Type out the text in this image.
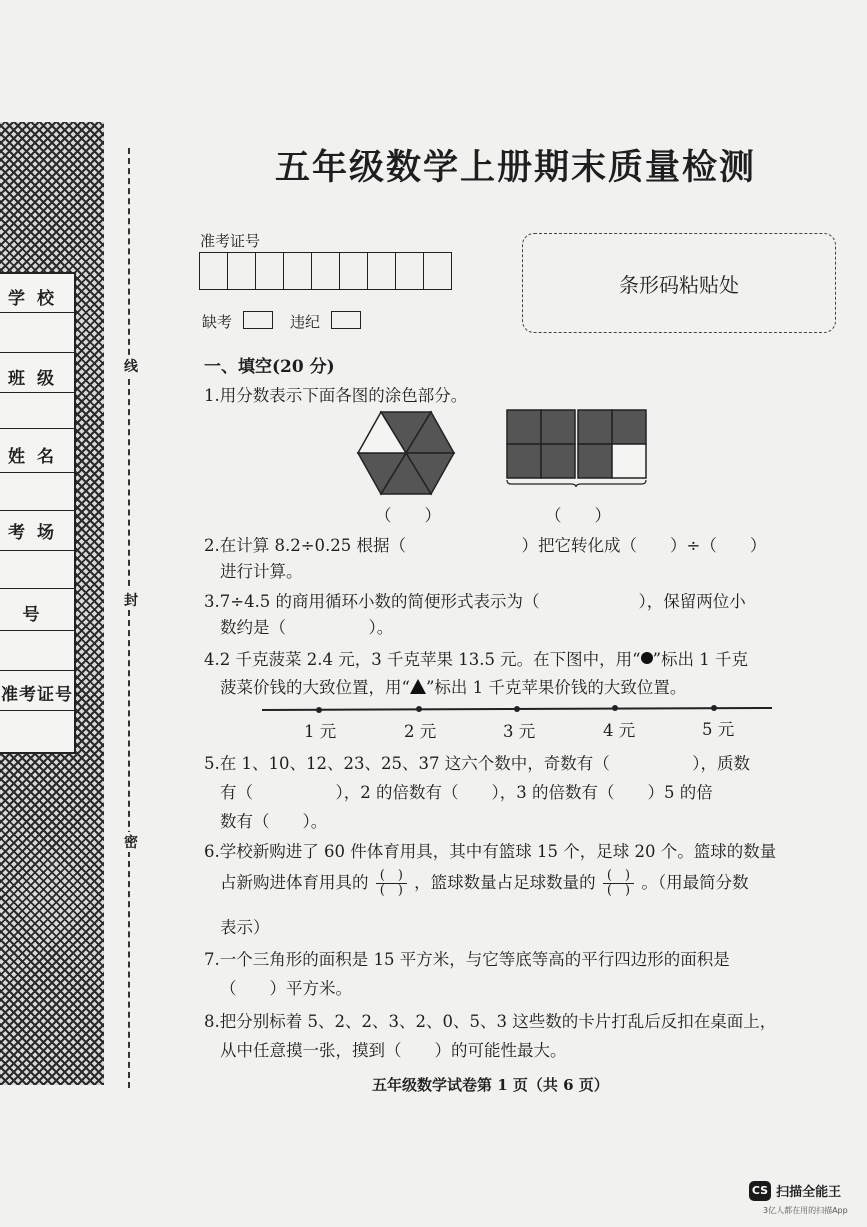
学校
班级
姓名
考场
号
准考证号
线
封
密
五年级数学上册期末质量检测
准考证号
缺考	违纪
条形码粘贴处
一、填空(20 分)
1.用分数表示下面各图的涂色部分。
（　　）	（　　）
2.在计算 8.2÷0.25 根据（　　　　　　　）把它转化成（　　）÷（　　）
进行计算。
3.7÷4.5 的商用循环小数的简便形式表示为（　　　　　　），保留两位小
数约是（　　　　　）。
4.2 千克菠菜 2.4 元，3 千克苹果 13.5 元。在下图中，用“ ”标出 1 千克
菠菜价钱的大致位置，用“ ”标出 1 千克苹果价钱的大致位置。
1 元	2 元	3 元	4 元	5 元
5.在 1、10、12、23、25、37 这六个数中，奇数有（　　　　　），质数
有（　　　　　），2 的倍数有（　　），3 的倍数有（　　）5 的倍
数有（　　）。
6.学校新购进了 60 件体育用具，其中有篮球 15 个，足球 20 个。篮球的数量
占新购进体育用具的 $\frac{( )}{( )}$ ，篮球数量占足球数量的 $\frac{( )}{( )}$ 。（用最简分数
表示）
7.一个三角形的面积是 15 平方米，与它等底等高的平行四边形的面积是
（　　）平方米。
8.把分别标着 5、2、2、3、2、0、5、3 这些数的卡片打乱后反扣在桌面上，
从中任意摸一张，摸到（　　）的可能性最大。
五年级数学试卷第 1 页（共 6 页）
CS 扫描全能王
3亿人都在用的扫描App
